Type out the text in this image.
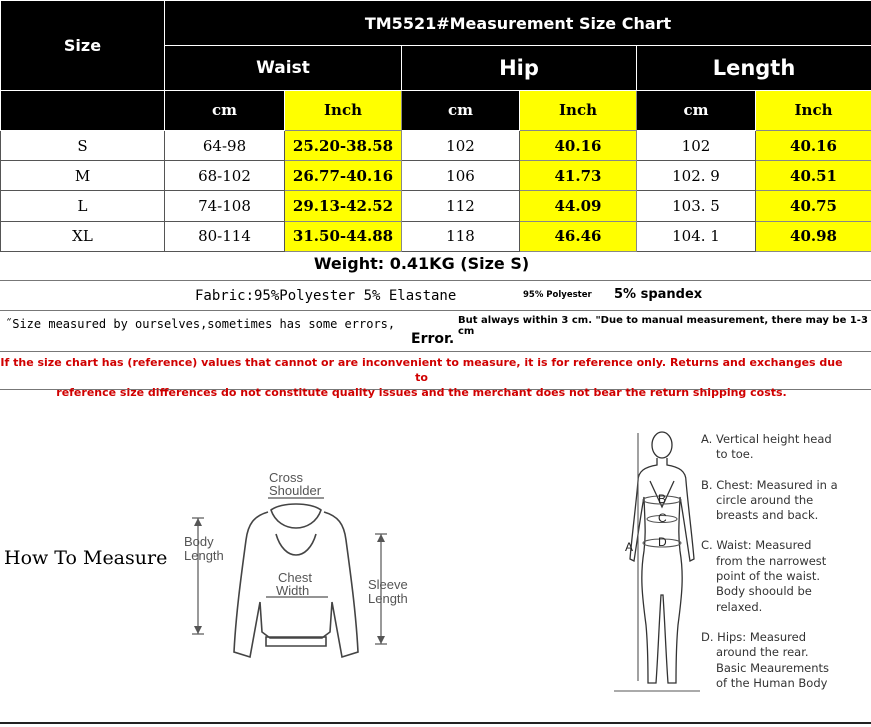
Size	TM5521#Measurement Size Chart					
	Waist		Hip		Length	
	cm	Inch	cm	Inch	cm	Inch
S	64-98	25.20-38.58	102	40.16	102	40.16
M	68-102	26.77-40.16	106	41.73	102. 9	40.51
L	74-108	29.13-42.52	112	44.09	103. 5	40.75
XL	80-114	31.50-44.88	118	46.46	104. 1	40.98
Weight: 0.41KG (Size S)
Fabric:95%Polyester 5% Elastane	95% Polyester 5% spandex
˝Size measured by ourselves,sometimes has some errors,	But always within 3 cm. "Due to manual measurement, there may be 1-3 cm
Error.
If the size chart has (reference) values that cannot or are inconvenient to measure, it is for reference only. Returns and exchanges due to
reference size differences do not constitute quality issues and the merchant does not bear the return shipping costs.
How To Measure
Cross
Shoulder
Body
Length
Chest
Width	Sleeve
Length
A
B
C
D

A. Vertical height head
to toe.

B. Chest: Measured in a
circle around the
breasts and back.

C. Waist: Measured
from the narrowest
point of the waist.
Body shoould be
relaxed.

D. Hips: Measured
around the rear.
Basic Meaurements
of the Human Body
